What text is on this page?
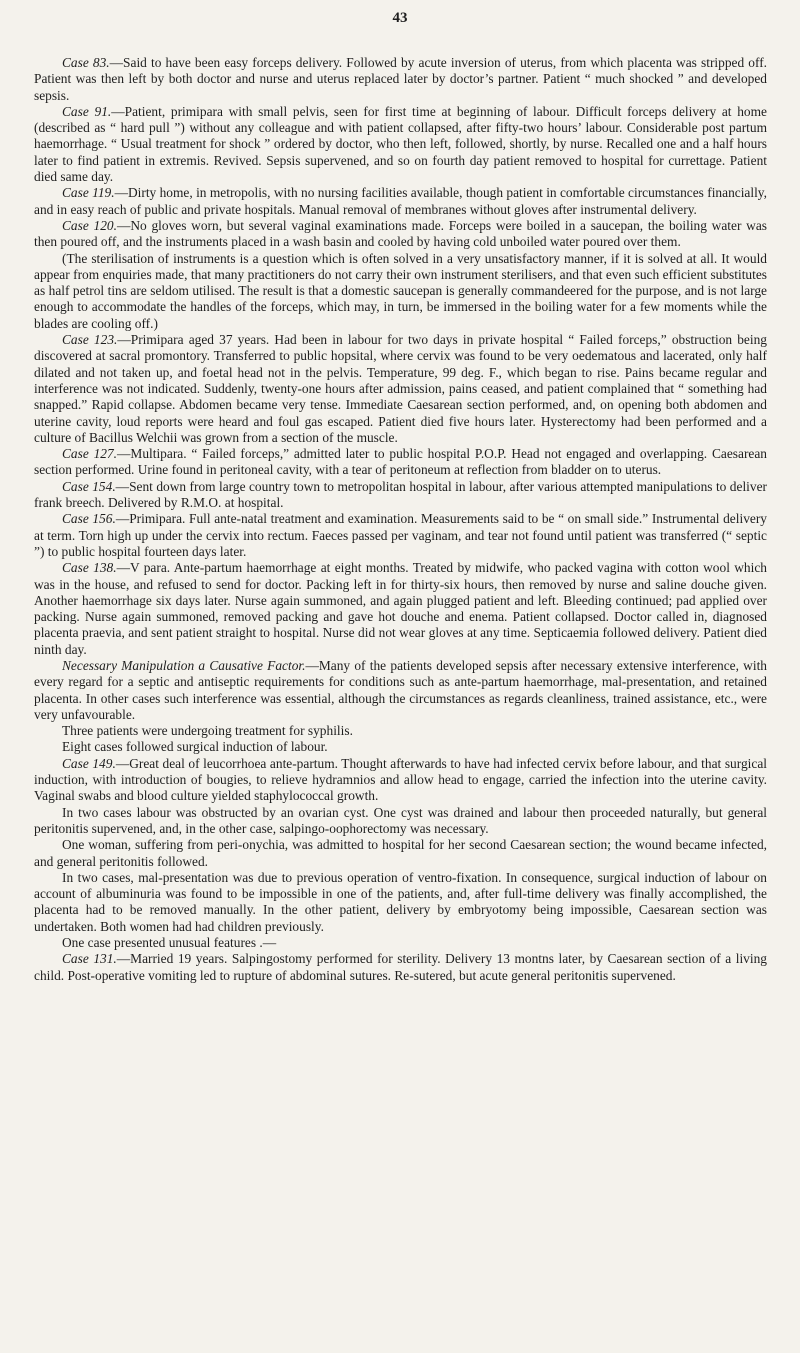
43

Case 83.—Said to have been easy forceps delivery. Followed by acute inversion of uterus, from which placenta was stripped off. Patient was then left by both doctor and nurse and uterus replaced later by doctor’s partner. Patient “ much shocked ” and developed sepsis.

Case 91.—Patient, primipara with small pelvis, seen for first time at beginning of labour. Difficult forceps delivery at home (described as “ hard pull ”) without any colleague and with patient collapsed, after fifty-two hours’ labour. Considerable post partum haemorrhage. “ Usual treatment for shock ” ordered by doctor, who then left, followed, shortly, by nurse. Recalled one and a half hours later to find patient in extremis. Revived. Sepsis supervened, and so on fourth day patient removed to hospital for currettage. Patient died same day.

Case 119.—Dirty home, in metropolis, with no nursing facilities available, though patient in comfortable circumstances financially, and in easy reach of public and private hospitals. Manual removal of membranes without gloves after instrumental delivery.

Case 120.—No gloves worn, but several vaginal examinations made. Forceps were boiled in a saucepan, the boiling water was then poured off, and the instruments placed in a wash basin and cooled by having cold unboiled water poured over them.

(The sterilisation of instruments is a question which is often solved in a very unsatisfactory manner, if it is solved at all. It would appear from enquiries made, that many practitioners do not carry their own instrument sterilisers, and that even such efficient substitutes as half petrol tins are seldom utilised. The result is that a domestic saucepan is generally commandeered for the purpose, and is not large enough to accommodate the handles of the forceps, which may, in turn, be immersed in the boiling water for a few moments while the blades are cooling off.)

Case 123.—Primipara aged 37 years. Had been in labour for two days in private hospital “ Failed forceps,” obstruction being discovered at sacral promontory. Transferred to public hopsital, where cervix was found to be very oedematous and lacerated, only half dilated and not taken up, and foetal head not in the pelvis. Temperature, 99 deg. F., which began to rise. Pains became regular and interference was not indicated. Suddenly, twenty-one hours after admission, pains ceased, and patient complained that “ something had snapped.” Rapid collapse. Abdomen became very tense. Immediate Caesarean section performed, and, on opening both abdomen and uterine cavity, loud reports were heard and foul gas escaped. Patient died five hours later. Hysterectomy had been performed and a culture of Bacillus Welchii was grown from a section of the muscle.

Case 127.—Multipara. “ Failed forceps,” admitted later to public hospital P.O.P. Head not engaged and overlapping. Caesarean section performed. Urine found in peritoneal cavity, with a tear of peritoneum at reflection from bladder on to uterus.

Case 154.—Sent down from large country town to metropolitan hospital in labour, after various attempted manipulations to deliver frank breech. Delivered by R.M.O. at hospital.

Case 156.—Primipara. Full ante-natal treatment and examination. Measurements said to be “ on small side.” Instrumental delivery at term. Torn high up under the cervix into rectum. Faeces passed per vaginam, and tear not found until patient was transferred (“ septic ”) to public hospital fourteen days later.

Case 138.—V para. Ante-partum haemorrhage at eight months. Treated by midwife, who packed vagina with cotton wool which was in the house, and refused to send for doctor. Packing left in for thirty-six hours, then removed by nurse and saline douche given. Another haemorrhage six days later. Nurse again summoned, and again plugged patient and left. Bleeding continued; pad applied over packing. Nurse again summoned, removed packing and gave hot douche and enema. Patient collapsed. Doctor called in, diagnosed placenta praevia, and sent patient straight to hospital. Nurse did not wear gloves at any time. Septicaemia followed delivery. Patient died ninth day.

Necessary Manipulation a Causative Factor.—Many of the patients developed sepsis after necessary extensive interference, with every regard for a septic and antiseptic requirements for conditions such as ante-partum haemorrhage, mal-presentation, and retained placenta. In other cases such interference was essential, although the circumstances as regards cleanliness, trained assistance, etc., were very unfavourable.

Three patients were undergoing treatment for syphilis.

Eight cases followed surgical induction of labour.

Case 149.—Great deal of leucorrhoea ante-partum. Thought afterwards to have had infected cervix before labour, and that surgical induction, with introduction of bougies, to relieve hydramnios and allow head to engage, carried the infection into the uterine cavity. Vaginal swabs and blood culture yielded staphylococcal growth.

In two cases labour was obstructed by an ovarian cyst. One cyst was drained and labour then proceeded naturally, but general peritonitis supervened, and, in the other case, salpingo-oophorectomy was necessary.

One woman, suffering from peri-onychia, was admitted to hospital for her second Caesarean section; the wound became infected, and general peritonitis followed.

In two cases, mal-presentation was due to previous operation of ventro-fixation. In consequence, surgical induction of labour on account of albuminuria was found to be impossible in one of the patients, and, after full-time delivery was finally accomplished, the placenta had to be removed manually. In the other patient, delivery by embryotomy being impossible, Caesarean section was undertaken. Both women had had children previously.

One case presented unusual features .—

Case 131.—Married 19 years. Salpingostomy performed for sterility. Delivery 13 montns later, by Caesarean section of a living child. Post-operative vomiting led to rupture of abdominal sutures. Re-sutered, but acute general peritonitis supervened.
